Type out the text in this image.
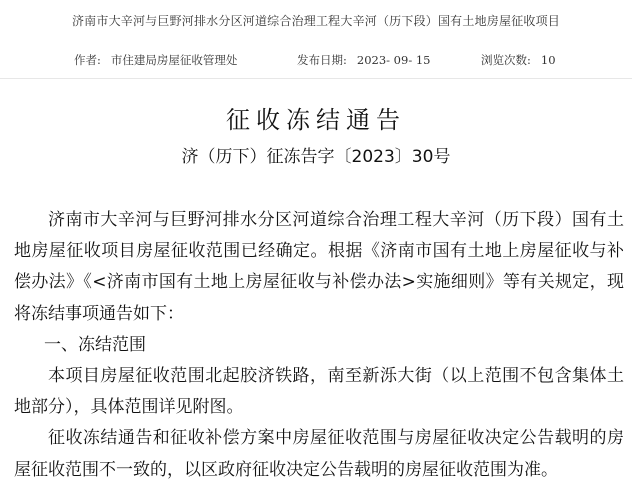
济南市大辛河与巨野河排水分区河道综合治理工程大辛河（历下段）国有土地房屋征收项目
作者: 市住建局房屋征收管理处	发布日期: 2023- 09- 15	浏览次数: 10
征收冻结通告
济（历下）征冻告字〔2023〕30号

济南市大辛河与巨野河排水分区河道综合治理工程大辛河（历下段）国有土地房屋征收项目房屋征收范围已经确定。根据《济南市国有土地上房屋征收与补偿办法》《<济南市国有土地上房屋征收与补偿办法>实施细则》等有关规定，现将冻结事项通告如下：

一、冻结范围

本项目房屋征收范围北起胶济铁路，南至新泺大街（以上范围不包含集体土地部分），具体范围详见附图。

征收冻结通告和征收补偿方案中房屋征收范围与房屋征收决定公告载明的房屋征收范围不一致的，以区政府征收决定公告载明的房屋征收范围为准。
